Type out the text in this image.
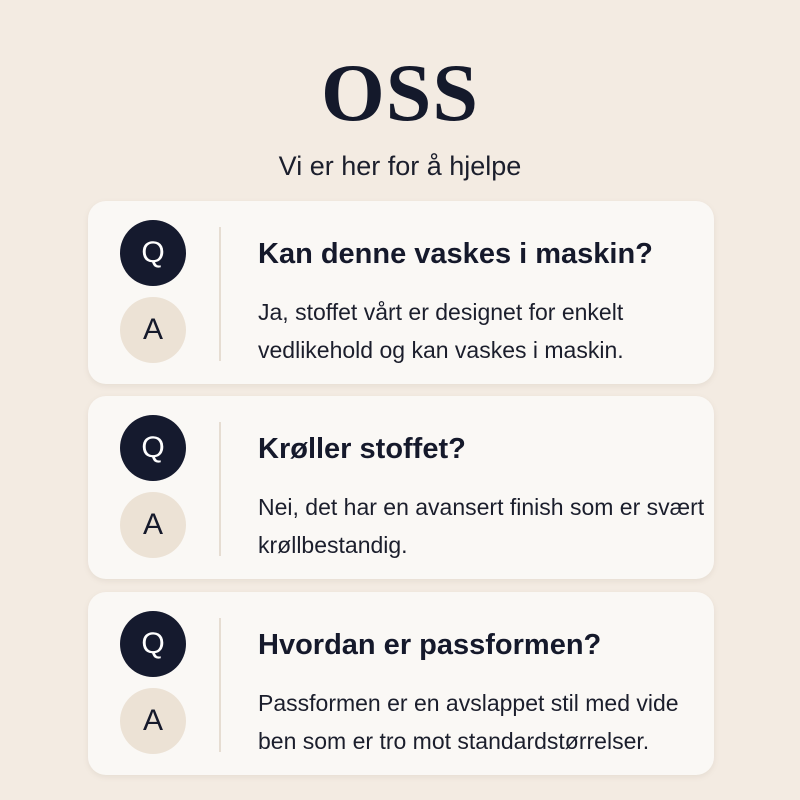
OSS

Vi er her for å hjelpe

Q
A
Kan denne vaskes i maskin?
Ja, stoffet vårt er designet for enkelt vedlikehold og kan vaskes i maskin.
Q
A
Krøller stoffet?
Nei, det har en avansert finish som er svært krøllbestandig.
Q
A
Hvordan er passformen?
Passformen er en avslappet stil med vide ben som er tro mot standardstørrelser.
